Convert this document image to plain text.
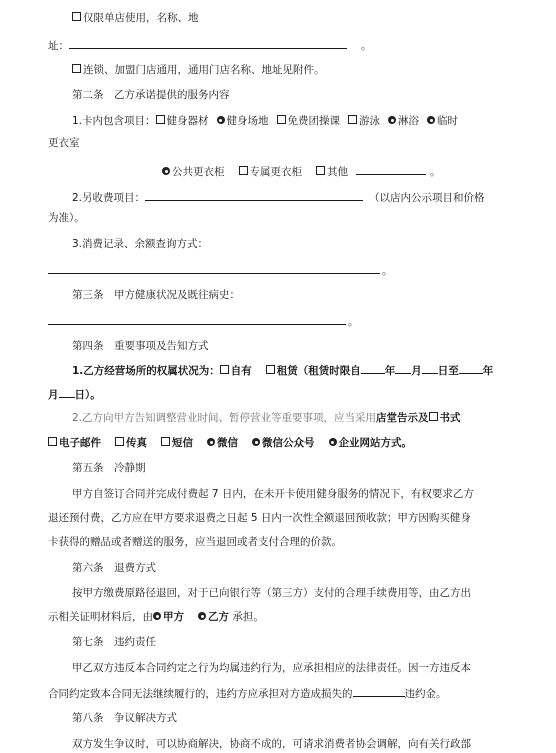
仅限单店使用，名称、地
址：	。
连锁、加盟门店通用，通用门店名称、地址见附件。
第二条　乙方承诺提供的服务内容
1.卡内包含项目： 健身器材 健身场地 免费团操课 游泳 淋浴 临时
更衣室
公共更衣柜 专属更衣柜 其他	。
2.另收费项目：	（以店内公示项目和价格
为准）。
3.消费记录、余额查询方式：
。
第三条　甲方健康状况及既往病史：
。
第四条　重要事项及告知方式
1.乙方经营场所的权属状况为： 自有 租赁（租赁时限自 年 月 日至 年
月 日）。
2.乙方向甲方告知调整营业时间、暂停营业等重要事项，应当采用店堂告示及 书式
电子邮件 传真 短信 微信 微信公众号 企业网站方式。
第五条　冷静期
甲方自签订合同并完成付费起 7 日内，在未开卡使用健身服务的情况下，有权要求乙方
退还预付费，乙方应在甲方要求退费之日起 5 日内一次性全额退回预收款；甲方因购买健身
卡获得的赠品或者赠送的服务，应当退回或者支付合理的价款。
第六条　退费方式
按甲方缴费原路径退回，对于已向银行等（第三方）支付的合理手续费用等，由乙方出
示相关证明材料后，由 甲方 乙方 承担。
第七条　违约责任
甲乙双方违反本合同约定之行为均属违约行为，应承担相应的法律责任。因一方违反本
合同约定致本合同无法继续履行的，违约方应承担对方造成损失的	违约金。
第八条　争议解决方式
双方发生争议时，可以协商解决，协商不成的，可请求消费者协会调解，向有关行政部
